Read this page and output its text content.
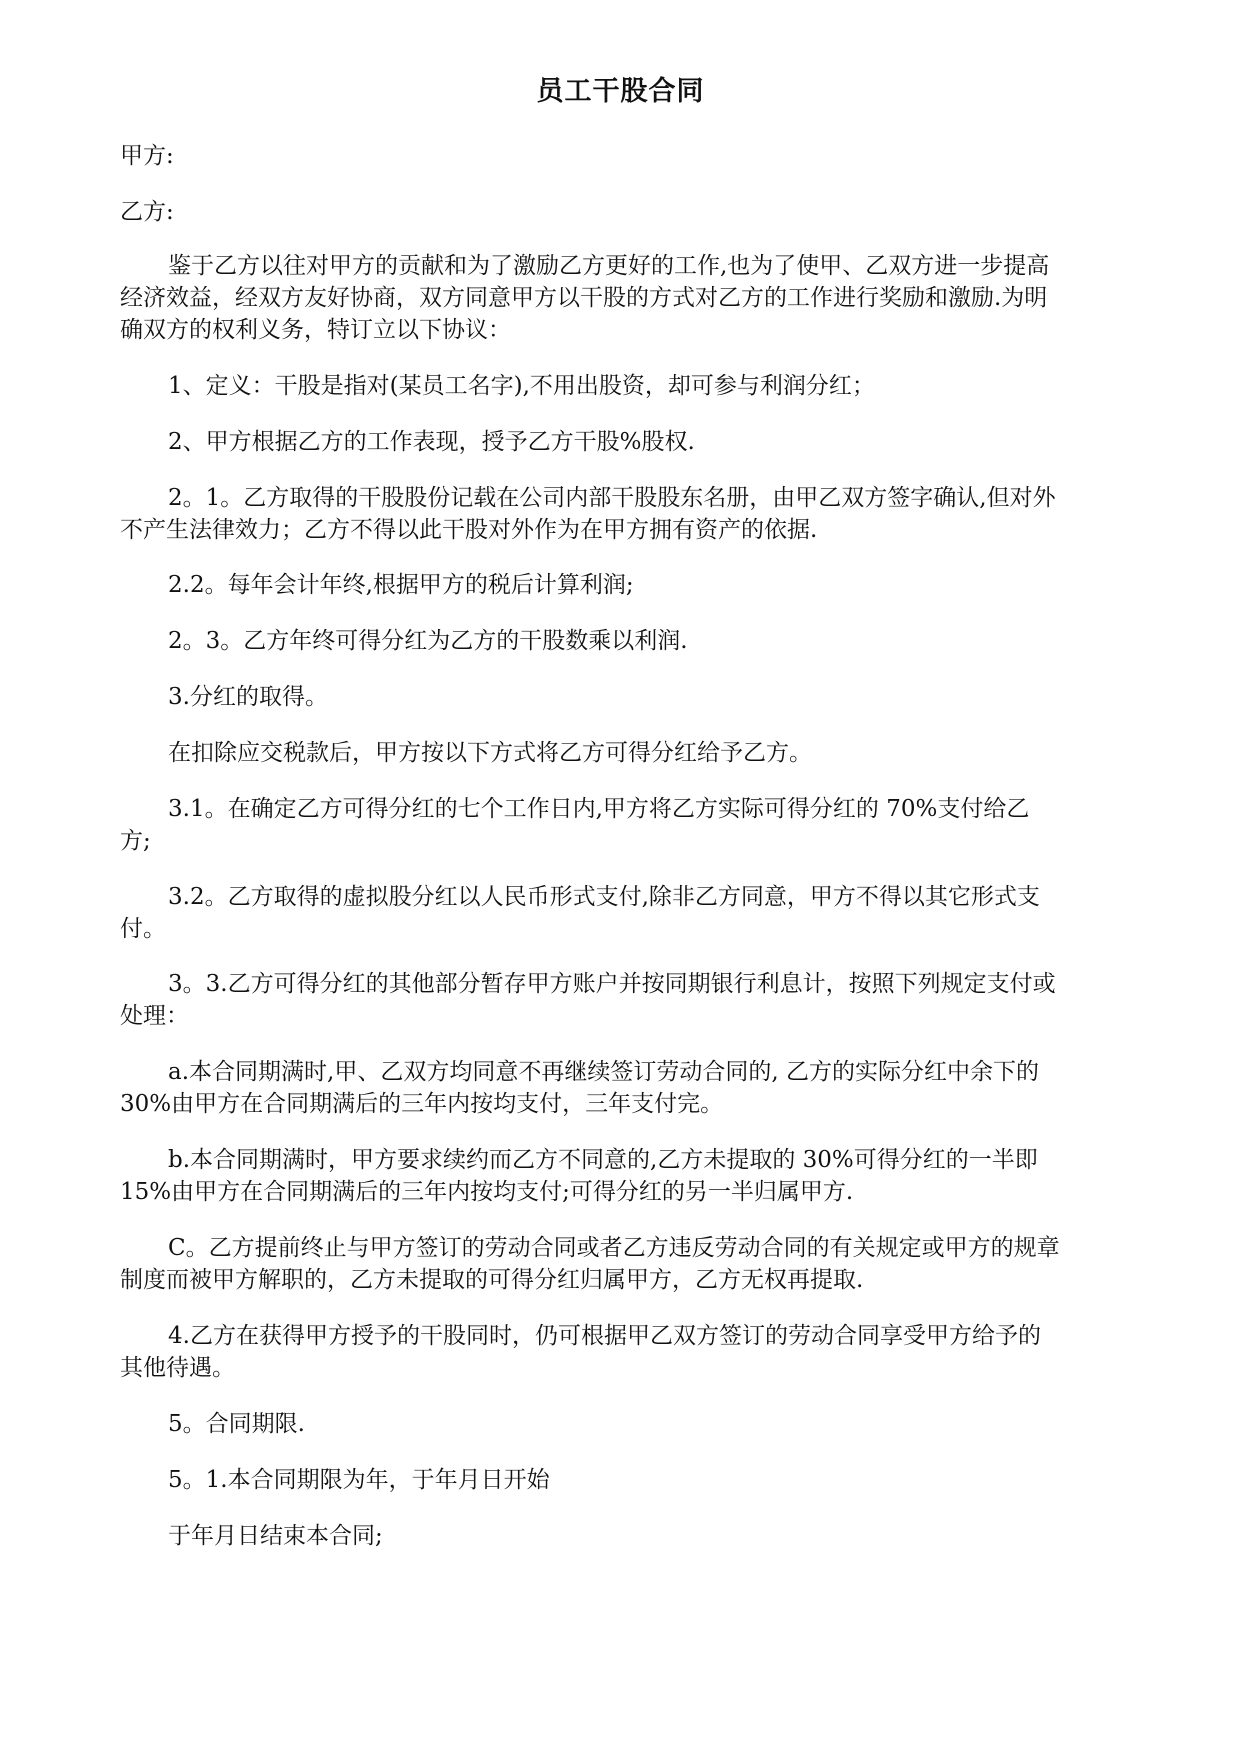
员工干股合同
甲方:
乙方:
鉴于乙方以往对甲方的贡献和为了激励乙方更好的工作,也为了使甲、乙双方进一步提高
经济效益，经双方友好协商，双方同意甲方以干股的方式对乙方的工作进行奖励和激励.为明
确双方的权利义务，特订立以下协议：
1、定义：干股是指对(某员工名字),不用出股资，却可参与利润分红；
2、甲方根据乙方的工作表现，授予乙方干股%股权.
2。1。乙方取得的干股股份记载在公司内部干股股东名册，由甲乙双方签字确认,但对外
不产生法律效力；乙方不得以此干股对外作为在甲方拥有资产的依据.
2.2。每年会计年终,根据甲方的税后计算利润;
2。3。乙方年终可得分红为乙方的干股数乘以利润.
3.分红的取得。
在扣除应交税款后，甲方按以下方式将乙方可得分红给予乙方。
3.1。在确定乙方可得分红的七个工作日内,甲方将乙方实际可得分红的 70%支付给乙
方;
3.2。乙方取得的虚拟股分红以人民币形式支付,除非乙方同意，甲方不得以其它形式支
付。
3。3.乙方可得分红的其他部分暂存甲方账户并按同期银行利息计，按照下列规定支付或
处理：
a.本合同期满时,甲、乙双方均同意不再继续签订劳动合同的, 乙方的实际分红中余下的
30%由甲方在合同期满后的三年内按均支付，三年支付完。
b.本合同期满时，甲方要求续约而乙方不同意的,乙方未提取的 30%可得分红的一半即
15%由甲方在合同期满后的三年内按均支付;可得分红的另一半归属甲方.
C。乙方提前终止与甲方签订的劳动合同或者乙方违反劳动合同的有关规定或甲方的规章
制度而被甲方解职的，乙方未提取的可得分红归属甲方，乙方无权再提取.
4.乙方在获得甲方授予的干股同时，仍可根据甲乙双方签订的劳动合同享受甲方给予的
其他待遇。
5。合同期限.
5。1.本合同期限为年，于年月日开始
于年月日结束本合同;
